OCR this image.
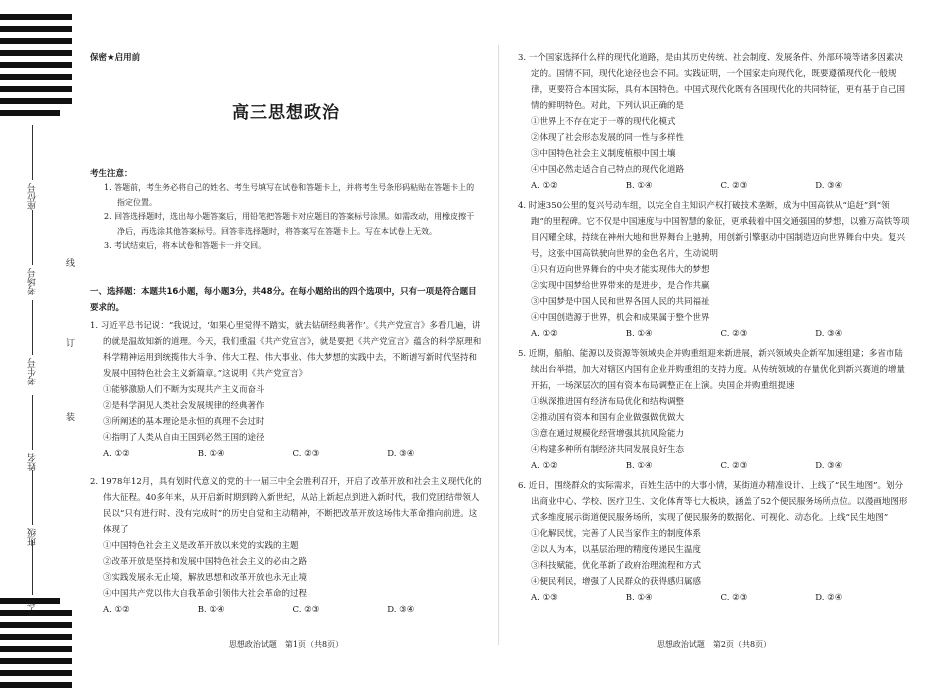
座位号
考场号
考生号
姓名
班级
学校
线
订
装
保密★启用前
高三思想政治
考生注意：

1. 答题前，考生务必将自己的姓名、考生号填写在试卷和答题卡上，并将考生号条形码粘贴在答题卡上的指定位置。

2. 回答选择题时，选出每小题答案后，用铅笔把答题卡对应题目的答案标号涂黑。如需改动，用橡皮擦干净后，再选涂其他答案标号。回答非选择题时，将答案写在答题卡上。写在本试卷上无效。

3. 考试结束后，将本试卷和答题卡一并交回。

一、选择题：本题共16小题，每小题3分，共48分。在每小题给出的四个选项中，只有一项是符合题目要求的。

1. 习近平总书记说：“我说过，‘如果心里觉得不踏实，就去钻研经典著作’。《共产党宣言》多看几遍，讲的就是温故知新的道理。今天，我们重温《共产党宣言》，就是要把《共产党宣言》蕴含的科学原理和科学精神运用到统揽伟大斗争、伟大工程、伟大事业、伟大梦想的实践中去，不断谱写新时代坚持和发展中国特色社会主义新篇章。”这说明《共产党宣言》

①能够激励人们不断为实现共产主义而奋斗

②是科学洞见人类社会发展规律的经典著作

③所阐述的基本理论是永恒的真理不会过时

④指明了人类从自由王国到必然王国的途径

A. ①②	B. ①④	C. ②③	D. ③④

2. 1978年12月，具有划时代意义的党的十一届三中全会胜利召开，开启了改革开放和社会主义现代化的伟大征程。40多年来，从开启新时期到跨入新世纪，从站上新起点到进入新时代，我们党团结带领人民以“只有进行时、没有完成时”的历史自觉和主动精神，不断把改革开放这场伟大革命推向前进。这体现了

①中国特色社会主义是改革开放以来党的实践的主题

②改革开放是坚持和发展中国特色社会主义的必由之路

③实践发展永无止境，解放思想和改革开放也永无止境

④中国共产党以伟大自我革命引领伟大社会革命的过程

A. ①②	B. ①④	C. ②③	D. ③④
思想政治试题　第1页（共8页）

3. 一个国家选择什么样的现代化道路，是由其历史传统、社会制度、发展条件、外部环境等诸多因素决定的。国情不同，现代化途径也会不同。实践证明，一个国家走向现代化，既要遵循现代化一般规律，更要符合本国实际，具有本国特色。中国式现代化既有各国现代化的共同特征，更有基于自己国情的鲜明特色。对此，下列认识正确的是

①世界上不存在定于一尊的现代化模式

②体现了社会形态发展的同一性与多样性

③中国特色社会主义制度植根中国土壤

④中国必然走适合自己特点的现代化道路

A. ①②	B. ①④	C. ②③	D. ③④

4. 时速350公里的复兴号动车组，以完全自主知识产权打破技术垄断，成为中国高铁从“追赶”到“领跑”的里程碑。它不仅是中国速度与中国智慧的象征，更承载着中国交通强国的梦想，以雅万高铁等项目闪耀全球，持续在神州大地和世界舞台上驰骋，用创新引擎驱动中国制造迈向世界舞台中央。复兴号，这张中国高铁驶向世界的金色名片，生动说明

①只有迈向世界舞台的中央才能实现伟大的梦想

②实现中国梦给世界带来的是进步，是合作共赢

③中国梦是中国人民和世界各国人民的共同福祉

④中国创造源于世界，机会和成果属于整个世界

A. ①②	B. ①④	C. ②③	D. ③④

5. 近期，船舶、能源以及资源等领域央企并购重组迎来新进展，新兴领域央企新军加速组建；多省市陆续出台举措，加大对辖区内国有企业并购重组的支持力度。从传统领域的存量优化到新兴赛道的增量开拓，一场深层次的国有资本布局调整正在上演。央国企并购重组提速

①纵深推进国有经济布局优化和结构调整

②推动国有资本和国有企业做强做优做大

③意在通过规模化经营增强其抗风险能力

④构建多种所有制经济共同发展良好生态

A. ①②	B. ①④	C. ②③	D. ③④

6. 近日，围绕群众的实际需求，百姓生活中的大事小情，某街道办精准设计、上线了“民生地图”。划分出商业中心、学校、医疗卫生、文化体育等七大板块，涵盖了52个便民服务场所点位。以漫画地图形式多维度展示街道便民服务场所，实现了便民服务的数据化、可视化、动态化。上线“民生地图”

①化解民忧，完善了人民当家作主的制度体系

②以人为本，以基层治理的精度传递民生温度

③科技赋能，优化革新了政府治理流程和方式

④便民利民，增强了人民群众的获得感归属感

A. ①③	B. ①④	C. ②③	D. ②④
思想政治试题　第2页（共8页）
